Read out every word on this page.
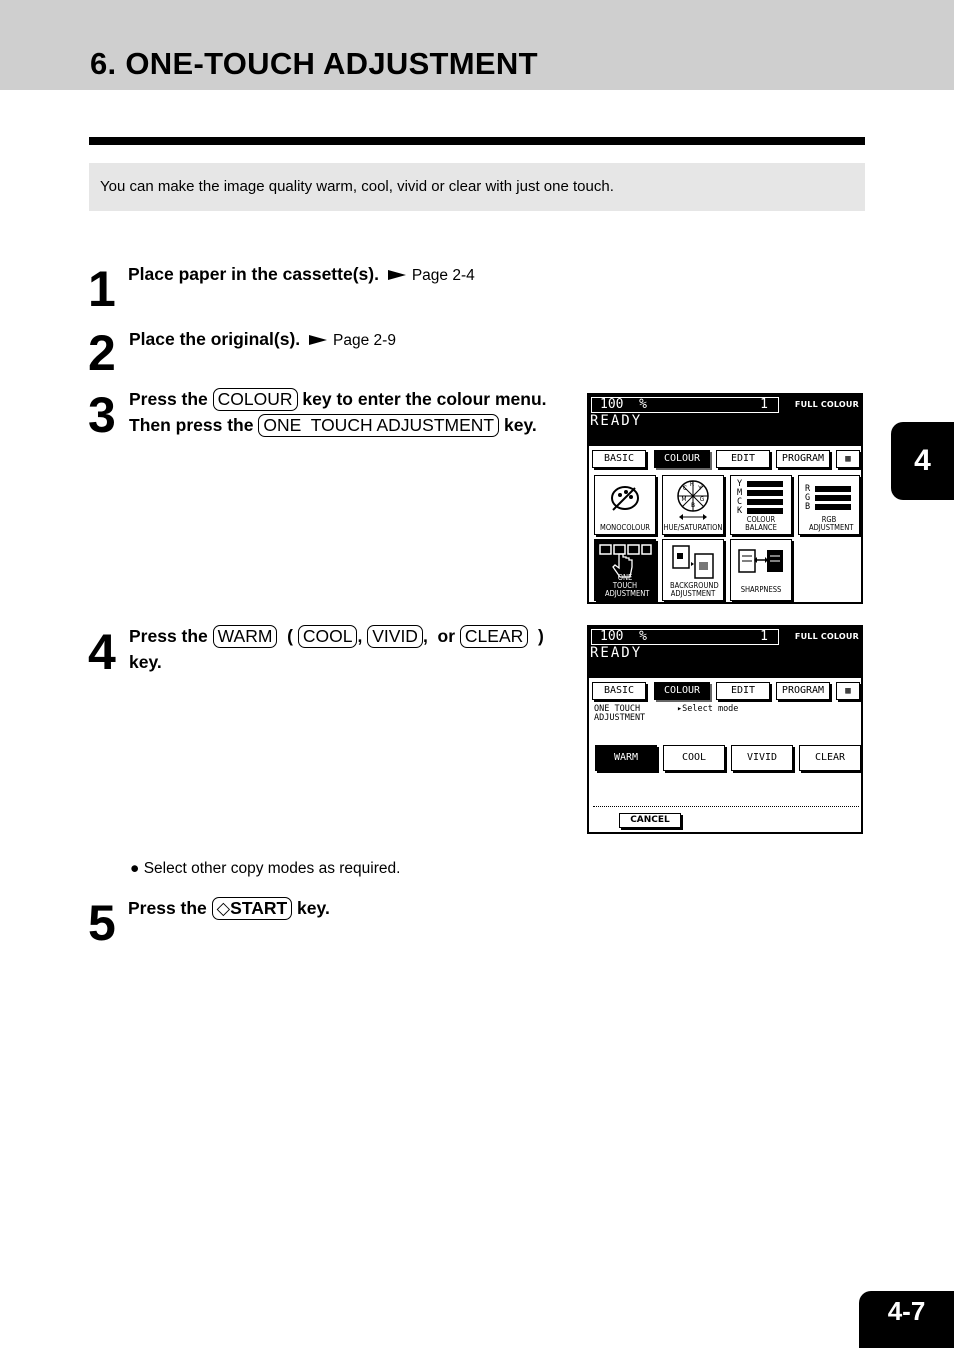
6. ONE-TOUCH ADJUSTMENT
You can make the image quality warm, cool, vivid or clear with just one touch.
1 Place paper in the cassette(s). Page 2-4
2 Place the original(s). Page 2-9
3 Press the COLOUR key to enter the colour menu.
Then press the ONE  TOUCH ADJUSTMENT key.
4 Press the WARM ( COOL , VIVID ,  or CLEAR )
key.
● Select other copy modes as required.
5 Press the ◇START key.
4
4-7
100  %	1	FULL COLOUR
READY
BASIC	COLOUR	EDIT	PROGRAM	▦
MONOCOLOUR
R
Y
G
B
M
C
HUE/SATURATION
Y
M
C
K
COLOUR BALANCE
R
G
B
RGB ADJUSTMENT
ONE TOUCH ADJUSTMENT
BACKGROUND ADJUSTMENT	SHARPNESS
100  %	1	FULL COLOUR
READY
BASIC	COLOUR	EDIT	PROGRAM	▦
ONE TOUCH ADJUSTMENT
▸Select mode
WARM	COOL	VIVID	CLEAR
CANCEL
